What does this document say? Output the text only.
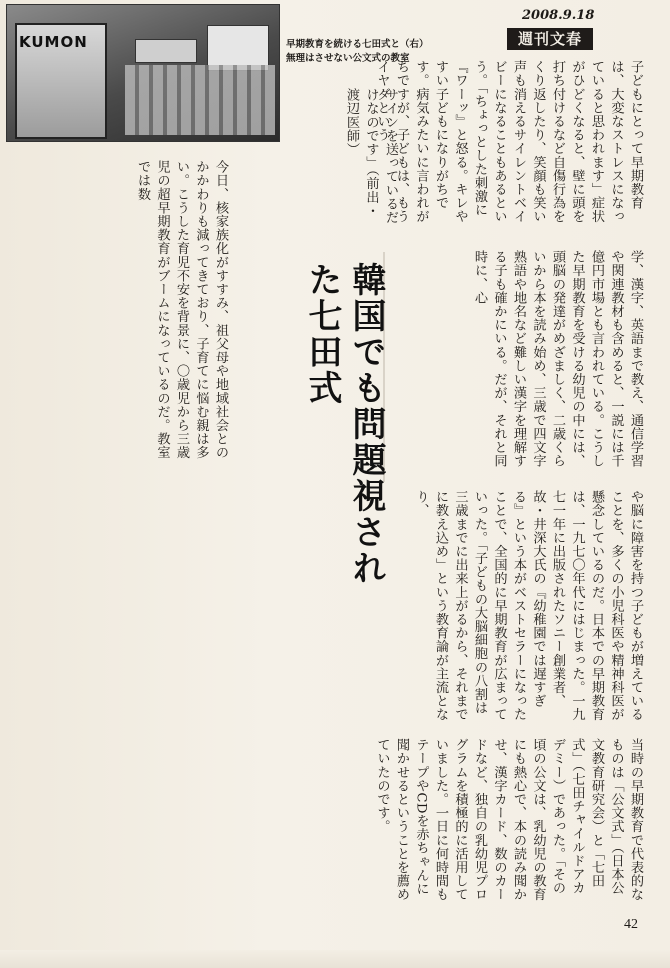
KUMON	早期教育を続ける七田式と（右）
無理はさせない公文式の教室
2008.9.18
週刊文春
子どもにとって早期教育は、大変なストレスになっていると思われます」症状がひどくなると、壁に頭を打ち付けるなど自傷行為をくり返したり、笑顔も笑い声も消えるサイレントベイビーになることもあるという。「ちょっとした刺激に『ワーッ』と怒る。キレやすい子どもになりがちです。病気みたいに言われがちですが、子どもは、もうイヤダという
サインを送っているだけなのです」（前出・渡辺医師）
学、漢字、英語まで教え、通信学習や関連教材も含めると、一説には千億円市場とも言われている。こうした早期教育を受ける幼児の中には、頭脳の発達がめざましく、二歳くらいから本を読み始め、三歳で四文字熟語や地名など難しい漢字を理解する子も確かにいる。だが、それと同時に、心
今日、核家族化がすすみ、祖父母や地域社会とのかかわりも減ってきており、子育てに悩む親は多い。こうした育児不安を背景に、〇歳児から三歳児の超早期教育がブームになっているのだ。教室では数
韓国でも問題視された七田式
や脳に障害を持つ子どもが増えていることを、多くの小児科医や精神科医が懸念しているのだ。日本での早期教育は、一九七〇年代にはじまった。一九七一年に出版されたソニー創業者、故・井深大氏の『幼稚園では遅すぎる』という本がベストセラーになったことで、全国的に早期教育が広まっていった。「子どもの大脳細胞の八割は三歳までに出来上がるから、それまでに教え込め」という教育論が主流となり、
当時の早期教育で代表的なものは「公文式」（日本公文教育研究会）と「七田式」（七田チャイルドアカデミー）であった。「その頃の公文は、乳幼児の教育にも熱心で、本の読み聞かせ、漢字カード、数のカードなど、独自の乳幼児プログラムを積極的に活用していました。一日に何時間もテープやCDを赤ちゃんに聞かせるということを薦めていたのです。
42
